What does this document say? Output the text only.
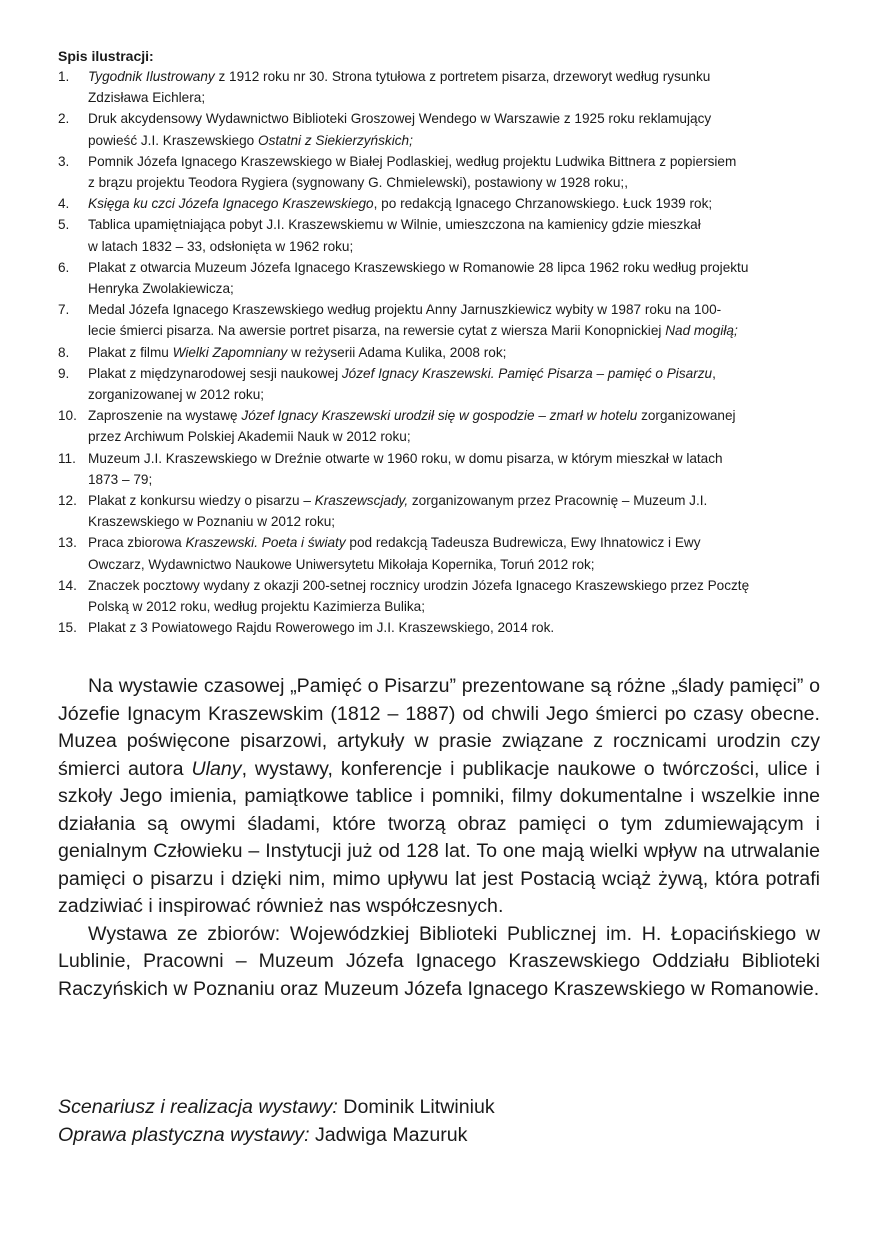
Spis ilustracji:
1. Tygodnik Ilustrowany z 1912 roku nr 30. Strona tytułowa z portretem pisarza, drzeworyt według rysunku
Zdzisława Eichlera;
2. Druk akcydensowy Wydawnictwo Biblioteki Groszowej Wendego w Warszawie z 1925 roku reklamujący
powieść J.I. Kraszewskiego Ostatni z Siekierzyńskich;
3. Pomnik Józefa Ignacego Kraszewskiego w Białej Podlaskiej, według projektu Ludwika Bittnera z popiersiem
z brązu projektu Teodora Rygiera (sygnowany G. Chmielewski), postawiony w 1928 roku;,
4. Księga ku czci Józefa Ignacego Kraszewskiego, po redakcją Ignacego Chrzanowskiego. Łuck 1939 rok;
5. Tablica upamiętniająca pobyt J.I. Kraszewskiemu w Wilnie, umieszczona na kamienicy gdzie mieszkał
w latach 1832 – 33, odsłonięta w 1962 roku;
6. Plakat z otwarcia Muzeum Józefa Ignacego Kraszewskiego w Romanowie 28 lipca 1962 roku według projektu
Henryka Zwolakiewicza;
7. Medal Józefa Ignacego Kraszewskiego według projektu Anny Jarnuszkiewicz wybity w 1987 roku na 100-
lecie śmierci pisarza. Na awersie portret pisarza, na rewersie cytat z wiersza Marii Konopnickiej Nad mogiłą;
8. Plakat z filmu Wielki Zapomniany w reżyserii Adama Kulika, 2008 rok;
9. Plakat z międzynarodowej sesji naukowej Józef Ignacy Kraszewski. Pamięć Pisarza – pamięć o Pisarzu,
zorganizowanej w 2012 roku;
10. Zaproszenie na wystawę Józef Ignacy Kraszewski urodził się w gospodzie – zmarł w hotelu zorganizowanej
przez Archiwum Polskiej Akademii Nauk w 2012 roku;
11. Muzeum J.I. Kraszewskiego w Dreźnie otwarte w 1960 roku, w domu pisarza, w którym mieszkał w latach
1873 – 79;
12. Plakat z konkursu wiedzy o pisarzu – Kraszewscjady, zorganizowanym przez Pracownię – Muzeum J.I.
Kraszewskiego w Poznaniu w 2012 roku;
13. Praca zbiorowa Kraszewski. Poeta i światy pod redakcją Tadeusza Budrewicza, Ewy Ihnatowicz i Ewy
Owczarz, Wydawnictwo Naukowe Uniwersytetu Mikołaja Kopernika, Toruń 2012 rok;
14. Znaczek pocztowy wydany z okazji 200-setnej rocznicy urodzin Józefa Ignacego Kraszewskiego przez Pocztę
Polską w 2012 roku, według projektu Kazimierza Bulika;
15. Plakat z 3 Powiatowego Rajdu Rowerowego im J.I. Kraszewskiego, 2014 rok.

Na wystawie czasowej „Pamięć o Pisarzu” prezentowane są różne „ślady pamięci” o Józefie Ignacym Kraszewskim (1812 – 1887) od chwili Jego śmierci po czasy obecne. Muzea poświęcone pisarzowi, artykuły w prasie związane z rocznicami urodzin czy śmierci autora Ulany, wystawy, konferencje i publikacje naukowe o twórczości, ulice i szkoły Jego imienia, pamiątkowe tablice i pomniki, filmy dokumentalne i wszelkie inne działania są owymi śladami, które tworzą obraz pamięci o tym zdumiewającym i genialnym Człowieku – Instytucji już od 128 lat. To one mają wielki wpływ na utrwalanie pamięci o pisarzu i dzięki nim, mimo upływu lat jest Postacią wciąż żywą, która potrafi zadziwiać i inspirować również nas współczesnych.

Wystawa ze zbiorów: Wojewódzkiej Biblioteki Publicznej im. H. Łopacińskiego w Lublinie, Pracowni – Muzeum Józefa Ignacego Kraszewskiego Oddziału Biblioteki Raczyńskich w Poznaniu oraz Muzeum Józefa Ignacego Kraszewskiego w Romanowie.

Scenariusz i realizacja wystawy: Dominik Litwiniuk
Oprawa plastyczna wystawy: Jadwiga Mazuruk
